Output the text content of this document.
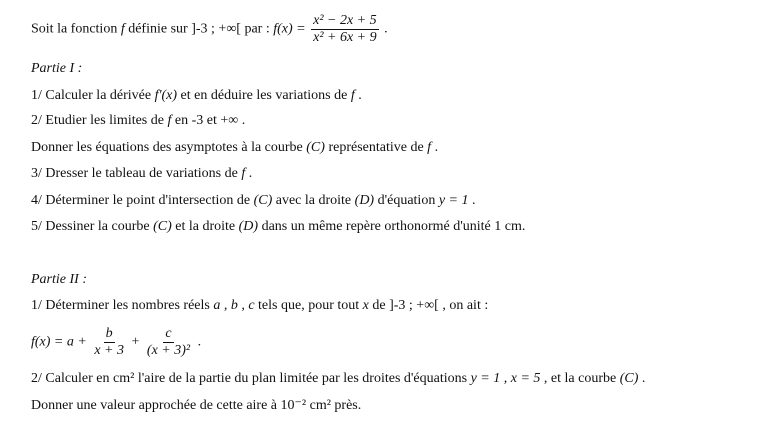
Soit la fonction f définie sur ]-3 ; +∞[ par : $f(x) = \frac{\text{x² − 2x + 5}}{\text{x² + 6x + 9}}$ .
Partie I :
1/ Calculer la dérivée f'(x) et en déduire les variations de f .
2/ Etudier les limites de f en -3 et +∞ .
Donner les équations des asymptotes à la courbe (C) représentative de f .
3/ Dresser le tableau de variations de f .
4/ Déterminer le point d'intersection de (C) avec la droite (D) d'équation y = 1 .
5/ Dessiner la courbe (C) et la droite (D) dans un même repère orthonormé d'unité 1 cm.
Partie II :
1/ Déterminer les nombres réels a , b , c tels que, pour tout x de ]-3 ; +∞[ , on ait :
$f(x) = a + \frac{b}{x + 3} + \frac{c}{\text{(x + 3)²}}$ .
2/ Calculer en cm² l'aire de la partie du plan limitée par les droites d'équations y = 1 , x = 5 , et la courbe (C) .
Donner une valeur approchée de cette aire à 10⁻² cm² près.
